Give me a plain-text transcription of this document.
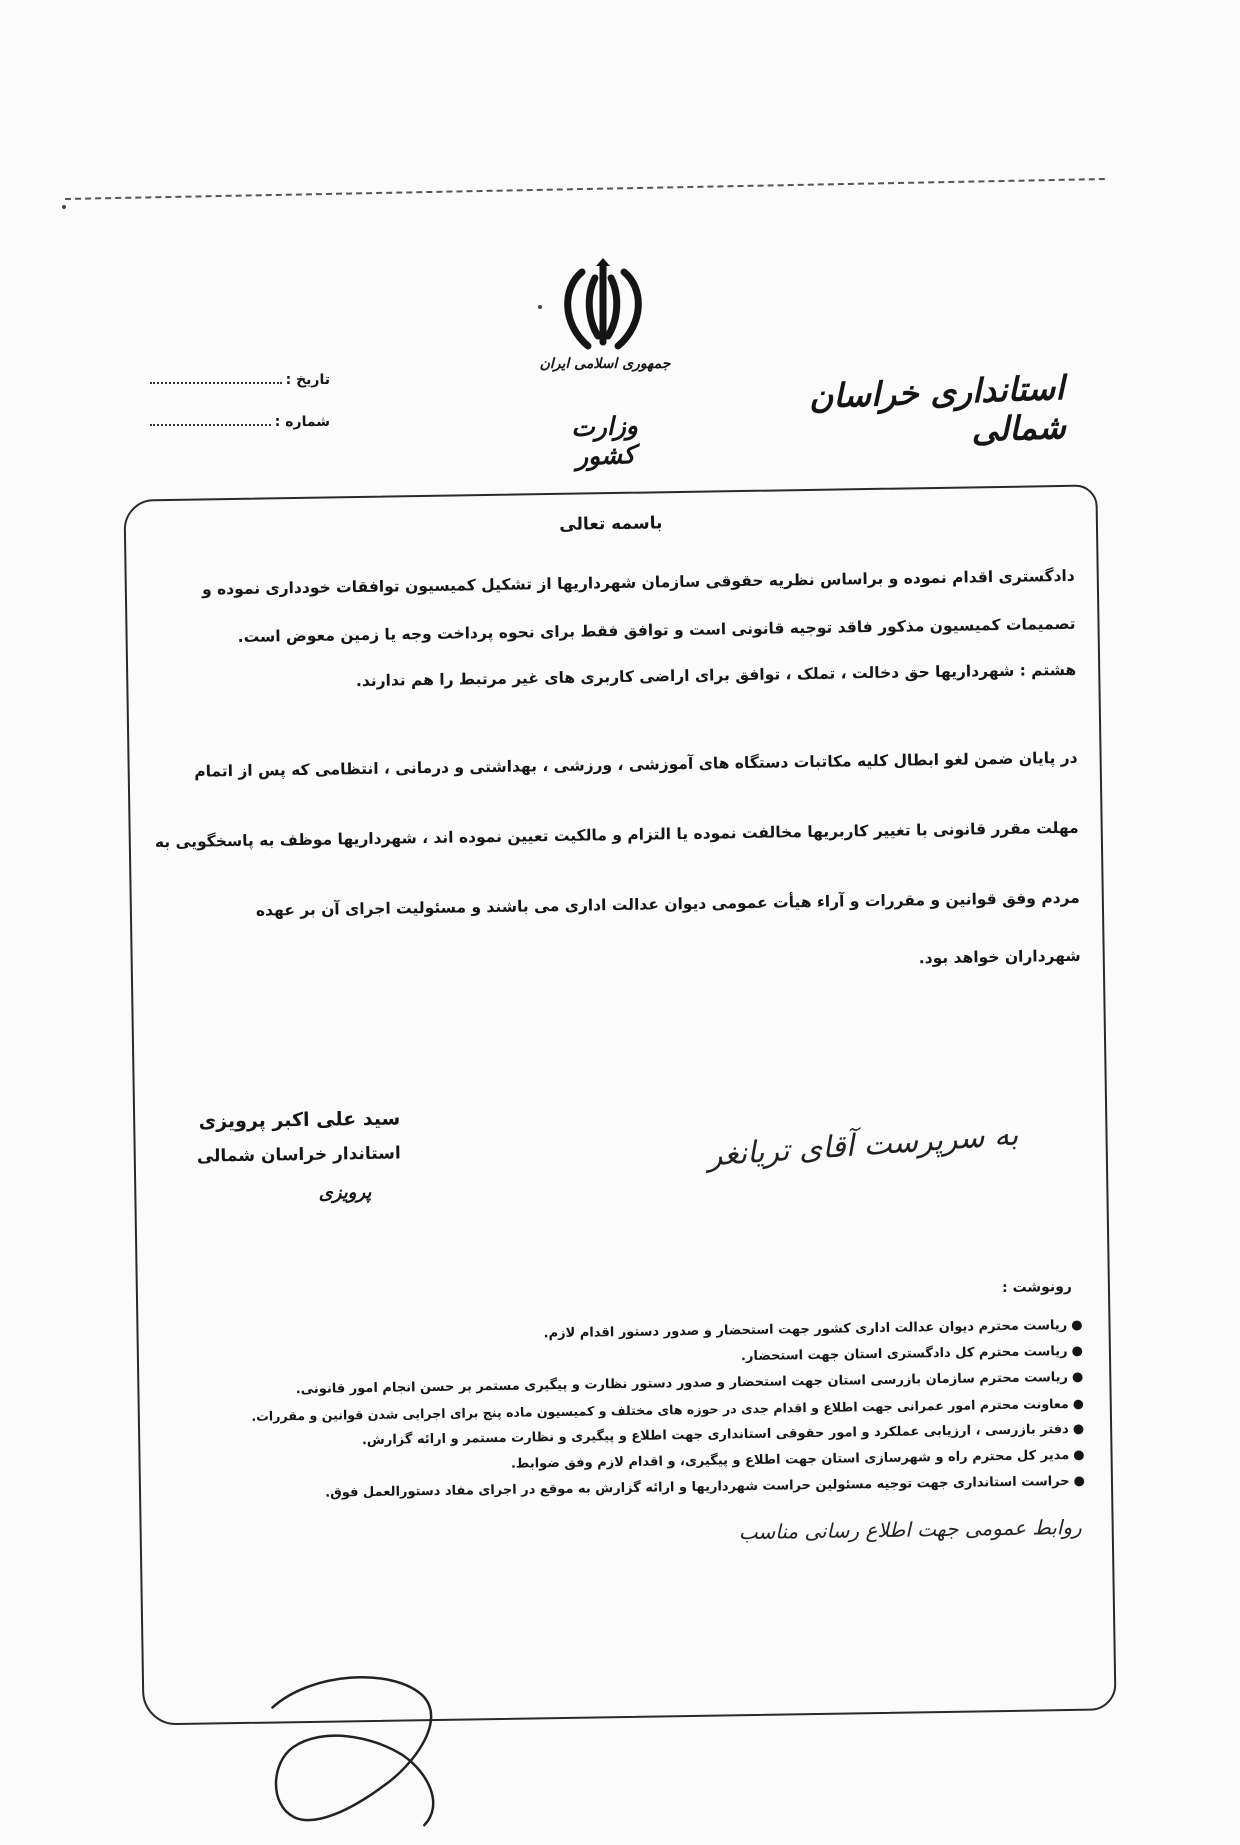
جمهوری اسلامی ایران
وزارت کشور
استانداری خراسان شمالی
تاریخ :
شماره :
باسمه تعالی
دادگستری اقدام نموده و براساس نظریه حقوقی سازمان شهرداریها از تشکیل کمیسیون توافقات خودداری نموده و
تصمیمات کمیسیون مذکور فاقد توجیه قانونی است و توافق فقط برای نحوه پرداخت وجه یا زمین معوض است.
هشتم : شهرداریها حق دخالت ، تملک ، توافق برای اراضی کاربری های غیر مرتبط را هم ندارند.
در پایان ضمن لغو ابطال کلیه مکاتبات دستگاه های آموزشی ، ورزشی ، بهداشتی و درمانی ، انتظامی که پس از اتمام
مهلت مقرر قانونی با تغییر کاربریها مخالفت نموده یا التزام و مالکیت تعیین نموده اند ، شهرداریها موظف به پاسخگویی به
مردم وفق قوانین و مقررات و آراء هیأت عمومی دیوان عدالت اداری می باشند و مسئولیت اجرای آن بر عهده
شهرداران خواهد بود.
سید علی اکبر پرویزی
استاندار خراسان شمالی
پرویزی
به سرپرست آقای تریانغر
رونوشت :
●ریاست محترم دیوان عدالت اداری کشور جهت استحضار و صدور دستور اقدام لازم.
●ریاست محترم کل دادگستری استان جهت استحضار.
●ریاست محترم سازمان بازرسی استان جهت استحضار و صدور دستور نظارت و پیگیری مستمر بر حسن انجام امور قانونی.
●معاونت محترم امور عمرانی جهت اطلاع و اقدام جدی در حوزه های مختلف و کمیسیون ماده پنج برای اجرایی شدن قوانین و مقررات.
●دفتر بازرسی ، ارزیابی عملکرد و امور حقوقی استانداری جهت اطلاع و پیگیری و نظارت مستمر و ارائه گزارش.
●مدیر کل محترم راه و شهرسازی استان جهت اطلاع و پیگیری، و اقدام لازم وفق ضوابط.
●حراست استانداری جهت توجیه مسئولین حراست شهرداریها و ارائه گزارش به موقع در اجرای مفاد دستورالعمل فوق.
روابط عمومی جهت اطلاع رسانی مناسب
